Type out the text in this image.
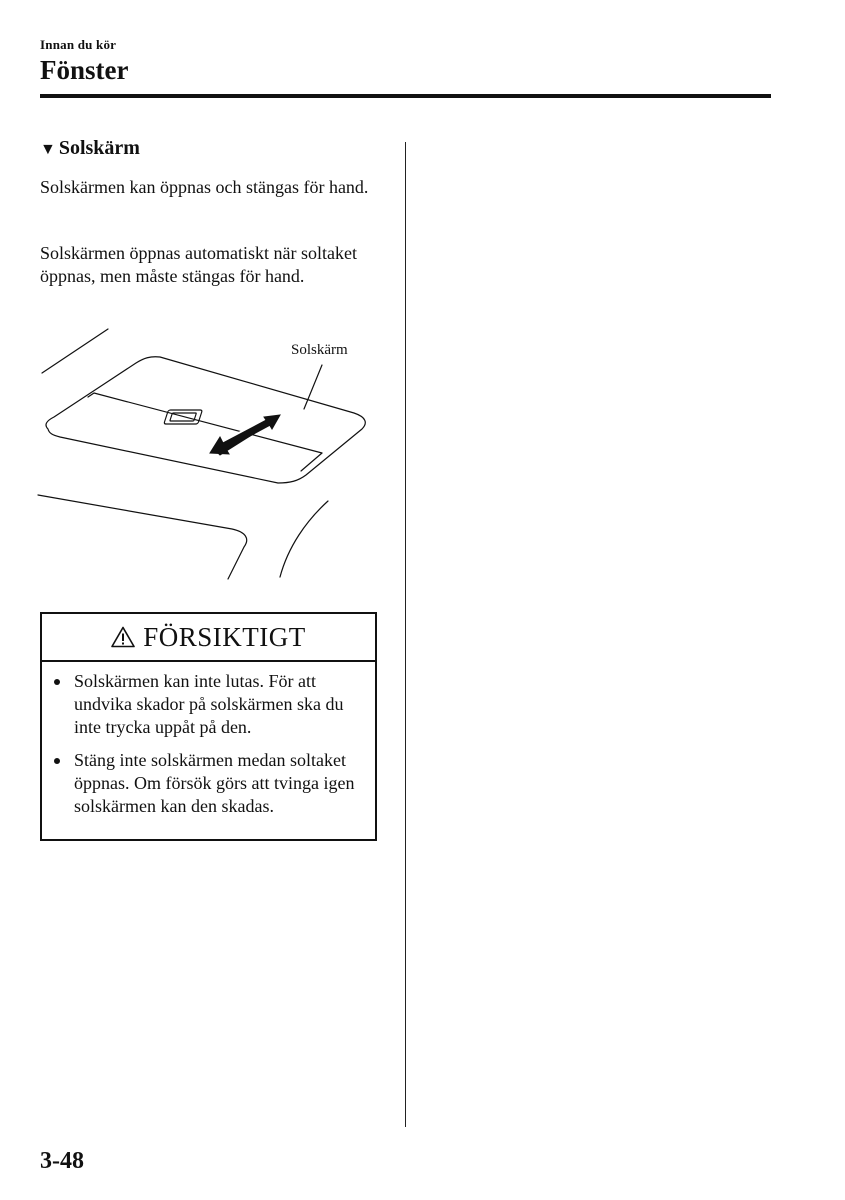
Innan du kör
Fönster
▼ Solskärm
Solskärmen kan öppnas och stängas för hand.
Solskärmen öppnas automatiskt när soltaket öppnas, men måste stängas för hand.
Solskärm
FÖRSIKTIGT
Solskärmen kan inte lutas. För att undvika skador på solskärmen ska du inte trycka uppåt på den.
Stäng inte solskärmen medan soltaket öppnas. Om försök görs att tvinga igen solskärmen kan den skadas.
3-48
